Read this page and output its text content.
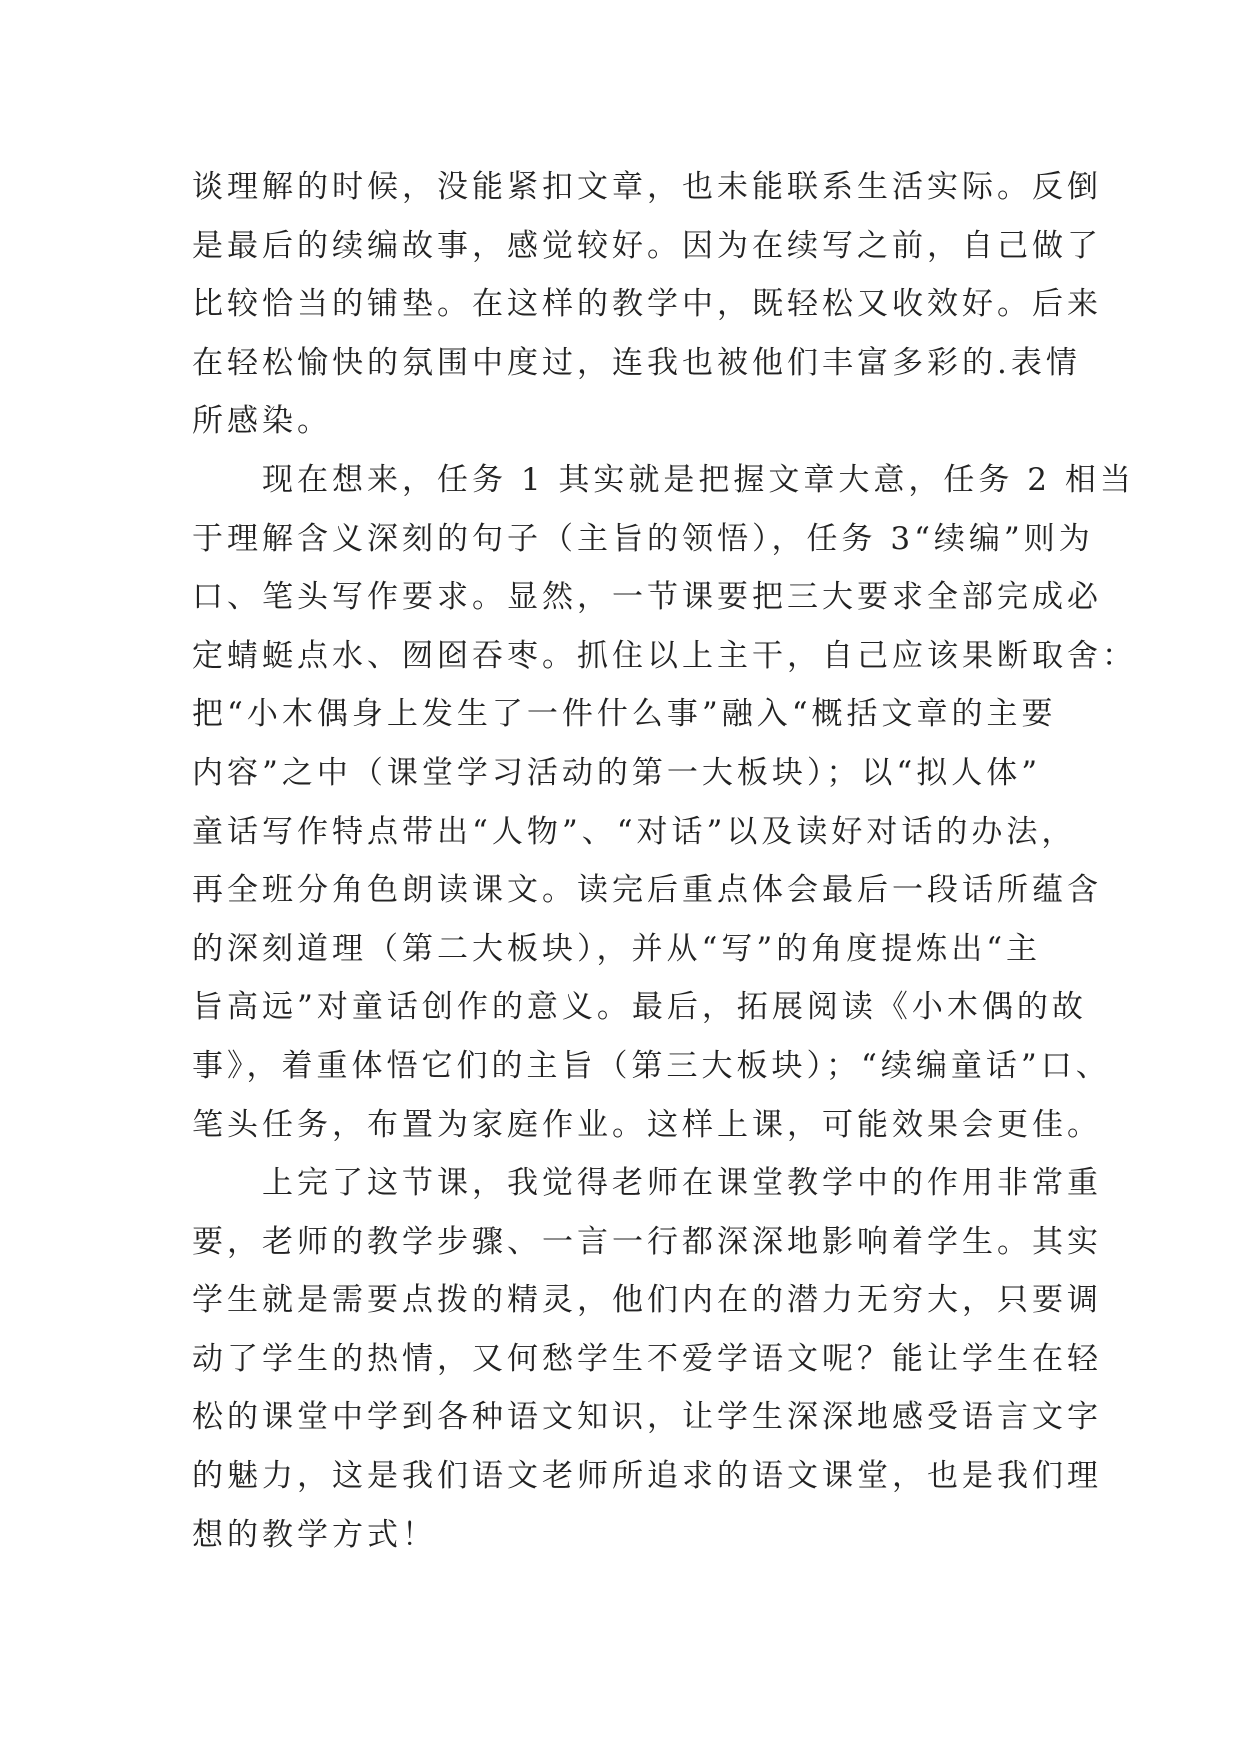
谈理解的时候，没能紧扣文章，也未能联系生活实际。反倒
是最后的续编故事，感觉较好。因为在续写之前，自己做了
比较恰当的铺垫。在这样的教学中，既轻松又收效好。后来
在轻松愉快的氛围中度过，连我也被他们丰富多彩的.表情
所感染。
　　现在想来，任务 1 其实就是把握文章大意，任务 2 相当
于理解含义深刻的句子（主旨的领悟），任务 3“续编”则为
口、笔头写作要求。显然，一节课要把三大要求全部完成必
定蜻蜓点水、囫囵吞枣。抓住以上主干，自己应该果断取舍：
把“小木偶身上发生了一件什么事”融入“概括文章的主要
内容”之中（课堂学习活动的第一大板块）；以“拟人体”
童话写作特点带出“人物”、“对话”以及读好对话的办法，
再全班分角色朗读课文。读完后重点体会最后一段话所蕴含
的深刻道理（第二大板块），并从“写”的角度提炼出“主
旨高远”对童话创作的意义。最后，拓展阅读《小木偶的故
事》，着重体悟它们的主旨（第三大板块）；“续编童话”口、
笔头任务，布置为家庭作业。这样上课，可能效果会更佳。
　　上完了这节课，我觉得老师在课堂教学中的作用非常重
要，老师的教学步骤、一言一行都深深地影响着学生。其实
学生就是需要点拨的精灵，他们内在的潜力无穷大，只要调
动了学生的热情，又何愁学生不爱学语文呢？能让学生在轻
松的课堂中学到各种语文知识，让学生深深地感受语言文字
的魅力，这是我们语文老师所追求的语文课堂，也是我们理
想的教学方式！
